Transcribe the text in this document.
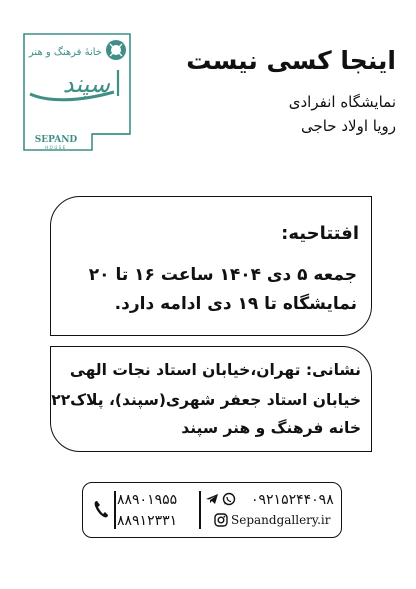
خانهٔ فرهنگ و هنر
سپند
SEPAND
HOUSE
اینجا کسی نیست
نمایشگاه انفرادی
رویا اولاد حاجی
افتتاحیه:
جمعه ۵ دی ۱۴۰۴ ساعت ۱۶ تا ۲۰
نمایشگاه تا ۱۹ دی ادامه دارد.
نشانی: تهران،خیابان استاد نجات الهی
خیابان استاد جعفر شهری(سپند)، پلاک۲۲
خانه فرهنگ و هنر سپند
۸۸۹۰۱۹۵۵
۸۸۹۱۲۳۳۱
۰۹۲۱۵۲۴۴۰۹۸
Sepandgallery.ir
